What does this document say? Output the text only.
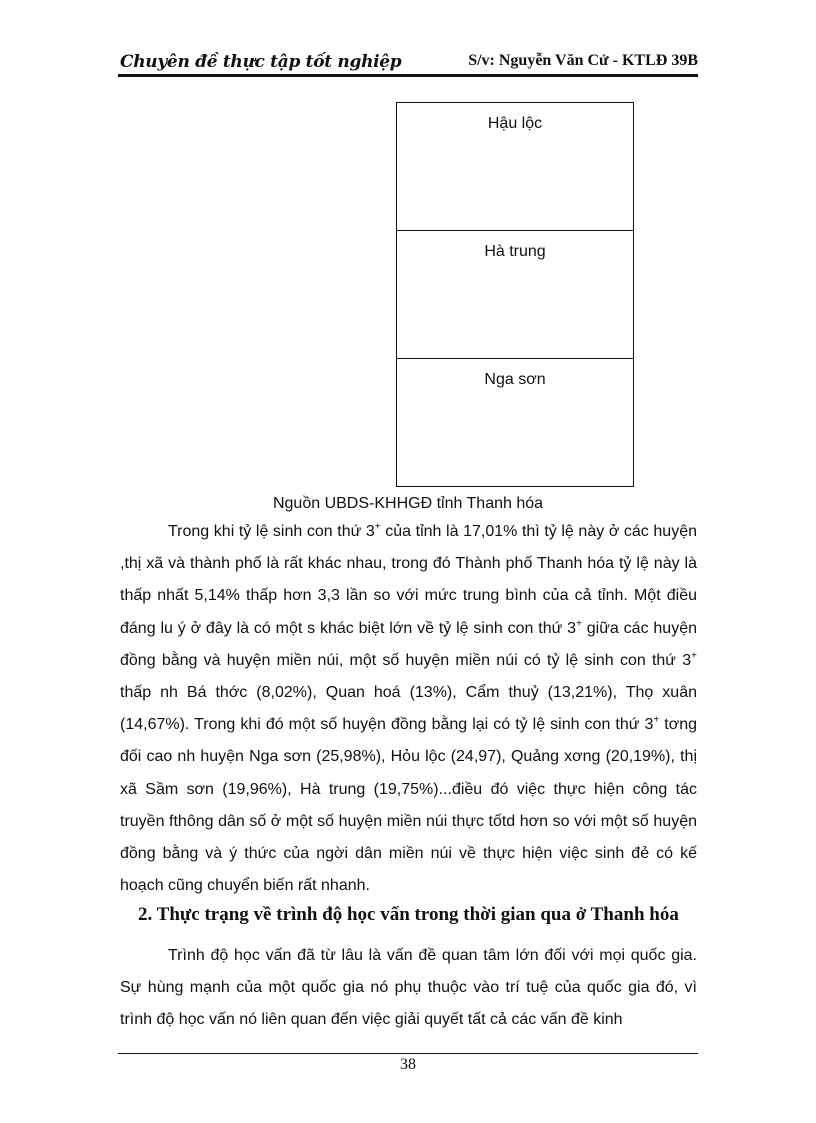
Chuyên đề thực tập tốt nghiệp	S/v: Nguyễn Văn Cử - KTLĐ 39B
Hậu lộc
Hà trung
Nga sơn
Nguồn UBDS-KHHGĐ tỉnh Thanh hóa

Trong khi tỷ lệ sinh con thứ 3+ của tỉnh là 17,01% thì tỷ lệ này ở các huyện ,thị xã và thành phố là rất khác nhau, trong đó Thành phố Thanh hóa tỷ lệ này là thấp nhất 5,14% thấp hơn 3,3 lần so với mức trung bình của cả tỉnh. Một điều đáng lu ý ở đây là có một s khác biệt lớn về tỷ lệ sinh con thứ 3+ giữa các huyện đồng bằng và huyện miền núi, một số huyện miền núi có tỷ lệ sinh con thứ 3+ thấp nh Bá thớc (8,02%), Quan hoá (13%), Cẩm thuỷ (13,21%), Thọ xuân (14,67%). Trong khi đó một số huyện đồng bằng lại có tỷ lệ sinh con thứ 3+ tơng đối cao nh huyện Nga sơn (25,98%), Hỏu lộc (24,97), Quảng xơng (20,19%), thị xã Sầm sơn (19,96%), Hà trung (19,75%)...điều đó việc thực hiện công tác truyền fthông dân số ở một số huyện miền núi thực tốtd hơn so với một số huyện đồng bằng và ý thức của ngời dân miền núi về thực hiện việc sinh đẻ có kế hoạch cũng chuyển biến rất nhanh.

2. Thực trạng về trình độ học vấn trong thời gian qua ở Thanh hóa

Trình độ học vấn đã từ lâu là vấn đề quan tâm lớn đối với mọi quốc gia. Sự hùng mạnh của một quốc gia nó phụ thuộc vào trí tuệ của quốc gia đó, vì trình độ học vấn nó liên quan đến việc giải quyết tất cả các vấn đề kinh

38
